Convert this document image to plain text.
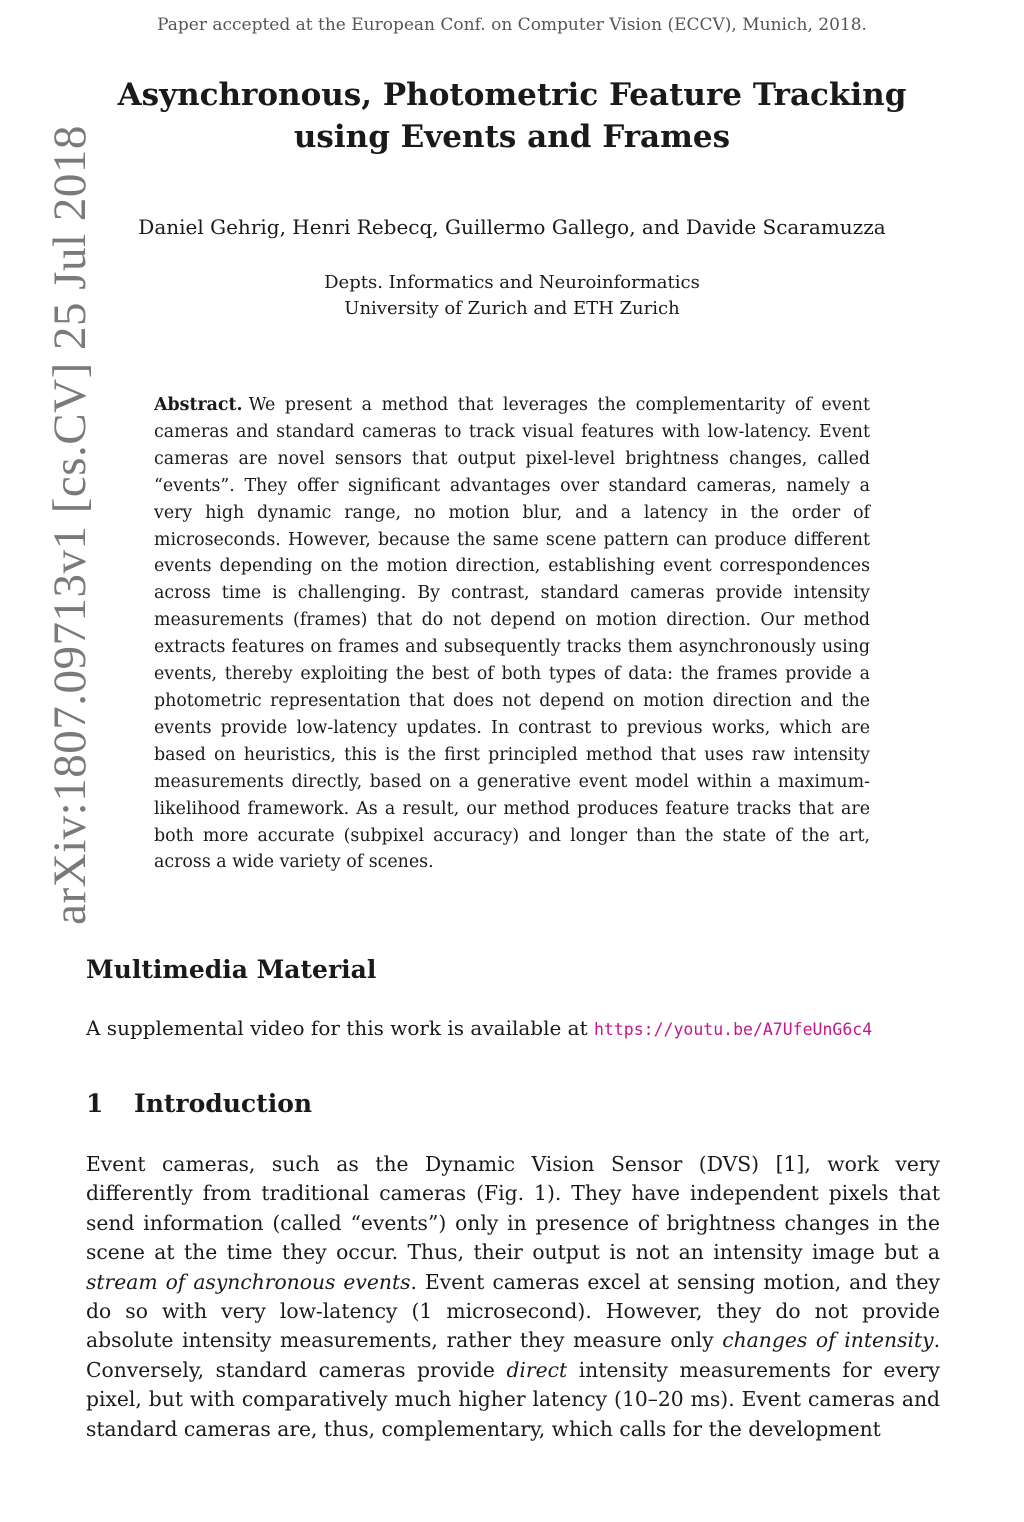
Paper accepted at the European Conf. on Computer Vision (ECCV), Munich, 2018.
arXiv:1807.09713v1 [cs.CV] 25 Jul 2018
Asynchronous, Photometric Feature Tracking using Events and Frames

Daniel Gehrig, Henri Rebecq, Guillermo Gallego, and Davide Scaramuzza

Depts. Informatics and Neuroinformatics
University of Zurich and ETH Zurich

Abstract. We present a method that leverages the complementarity of event cameras and standard cameras to track visual features with low-latency. Event cameras are novel sensors that output pixel-level brightness changes, called “events”. They offer significant advantages over standard cameras, namely a very high dynamic range, no motion blur, and a latency in the order of microseconds. However, because the same scene pattern can produce different events depending on the motion direction, establishing event correspondences across time is challenging. By contrast, standard cameras provide intensity measurements (frames) that do not depend on motion direction. Our method extracts features on frames and subsequently tracks them asynchronously using events, thereby exploiting the best of both types of data: the frames provide a photometric representation that does not depend on motion direction and the events provide low-latency updates. In contrast to previous works, which are based on heuristics, this is the first principled method that uses raw intensity measurements directly, based on a generative event model within a maximum-likelihood framework. As a result, our method produces feature tracks that are both more accurate (subpixel accuracy) and longer than the state of the art, across a wide variety of scenes.

Multimedia Material

A supplemental video for this work is available at https://youtu.be/A7UfeUnG6c4

1 Introduction

Event cameras, such as the Dynamic Vision Sensor (DVS) [1], work very differently from traditional cameras (Fig. 1). They have independent pixels that send information (called “events”) only in presence of brightness changes in the scene at the time they occur. Thus, their output is not an intensity image but a stream of asynchronous events. Event cameras excel at sensing motion, and they do so with very low-latency (1 microsecond). However, they do not provide absolute intensity measurements, rather they measure only changes of intensity. Conversely, standard cameras provide direct intensity measurements for every pixel, but with comparatively much higher latency (10–20 ms). Event cameras and standard cameras are, thus, complementary, which calls for the development
